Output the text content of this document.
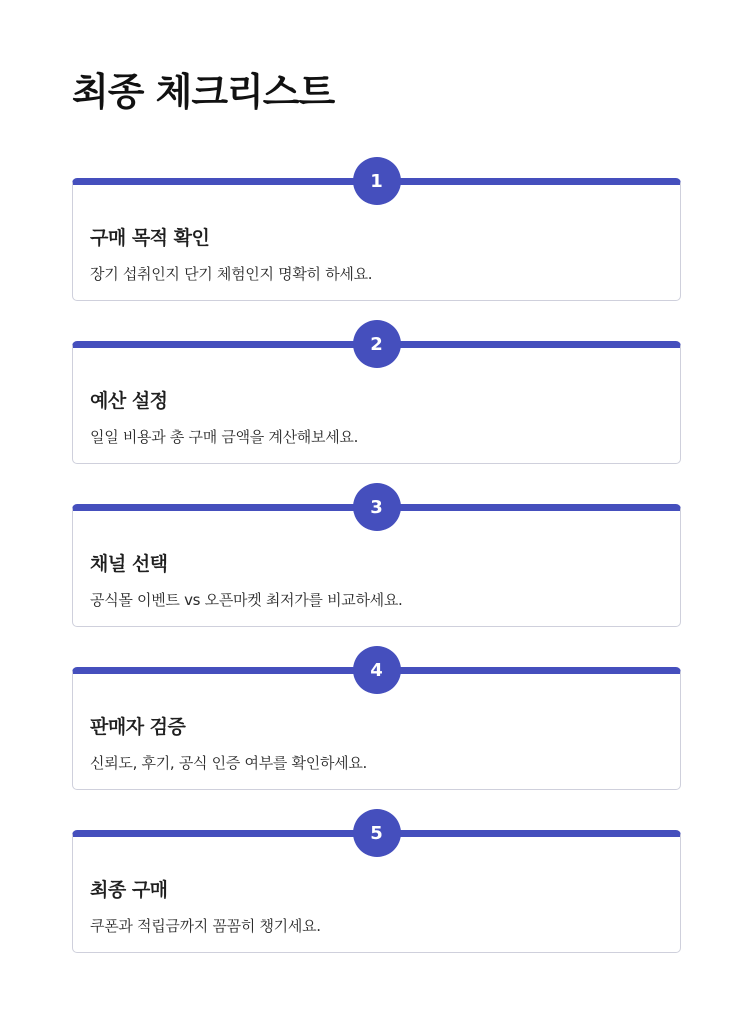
최종 체크리스트
1
구매 목적 확인

장기 섭취인지 단기 체험인지 명확히 하세요.

2
예산 설정

일일 비용과 총 구매 금액을 계산해보세요.

3
채널 선택

공식몰 이벤트 vs 오픈마켓 최저가를 비교하세요.

4
판매자 검증

신뢰도, 후기, 공식 인증 여부를 확인하세요.

5
최종 구매

쿠폰과 적립금까지 꼼꼼히 챙기세요.
